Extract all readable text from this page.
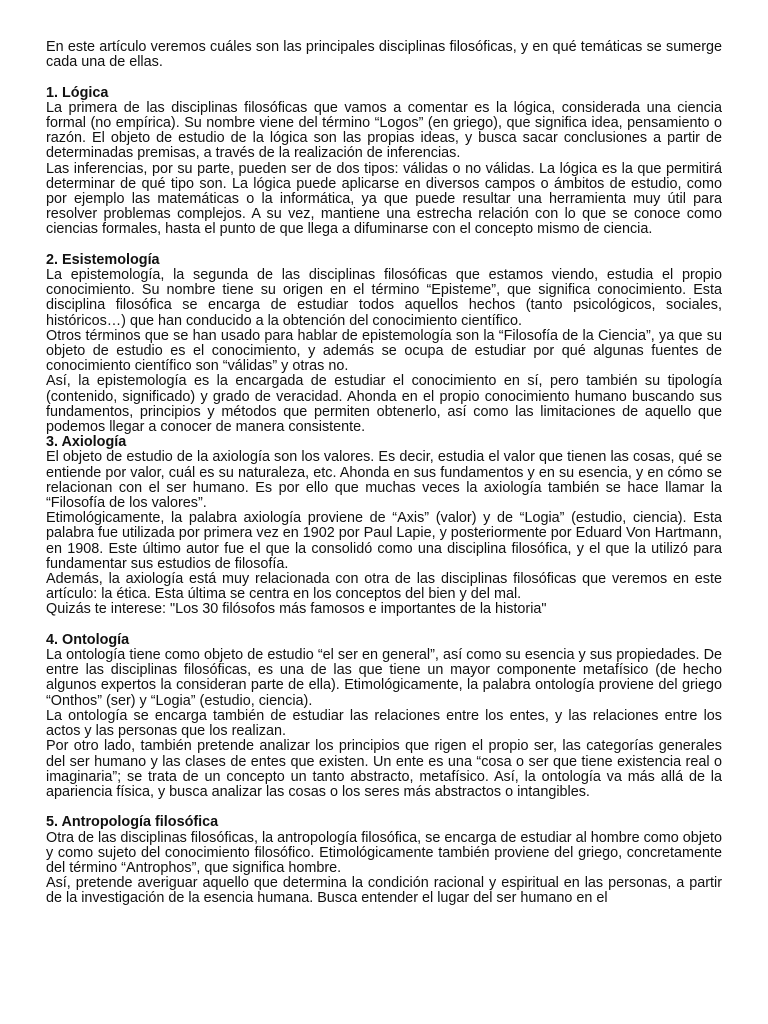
En este artículo veremos cuáles son las principales disciplinas filosóficas, y en qué temáticas se sumerge cada una de ellas.

1. Lógica

La primera de las disciplinas filosóficas que vamos a comentar es la lógica, considerada una ciencia formal (no empírica). Su nombre viene del término “Logos” (en griego), que significa idea, pensamiento o razón. El objeto de estudio de la lógica son las propias ideas, y busca sacar conclusiones a partir de determinadas premisas, a través de la realización de inferencias.

Las inferencias, por su parte, pueden ser de dos tipos: válidas o no válidas. La lógica es la que permitirá determinar de qué tipo son. La lógica puede aplicarse en diversos campos o ámbitos de estudio, como por ejemplo las matemáticas o la informática, ya que puede resultar una herramienta muy útil para resolver problemas complejos. A su vez, mantiene una estrecha relación con lo que se conoce como ciencias formales, hasta el punto de que llega a difuminarse con el concepto mismo de ciencia.

2. Esistemología

La epistemología, la segunda de las disciplinas filosóficas que estamos viendo, estudia el propio conocimiento. Su nombre tiene su origen en el término “Episteme”, que significa conocimiento. Esta disciplina filosófica se encarga de estudiar todos aquellos hechos (tanto psicológicos, sociales, históricos…) que han conducido a la obtención del conocimiento científico.

Otros términos que se han usado para hablar de epistemología son la “Filosofía de la Ciencia”, ya que su objeto de estudio es el conocimiento, y además se ocupa de estudiar por qué algunas fuentes de conocimiento científico son “válidas” y otras no.

Así, la epistemología es la encargada de estudiar el conocimiento en sí, pero también su tipología (contenido, significado) y grado de veracidad. Ahonda en el propio conocimiento humano buscando sus fundamentos, principios y métodos que permiten obtenerlo, así como las limitaciones de aquello que podemos llegar a conocer de manera consistente.

3. Axiología

El objeto de estudio de la axiología son los valores. Es decir, estudia el valor que tienen las cosas, qué se entiende por valor, cuál es su naturaleza, etc. Ahonda en sus fundamentos y en su esencia, y en cómo se relacionan con el ser humano. Es por ello que muchas veces la axiología también se hace llamar la “Filosofía de los valores”.

Etimológicamente, la palabra axiología proviene de “Axis” (valor) y de “Logia” (estudio, ciencia). Esta palabra fue utilizada por primera vez en 1902 por Paul Lapie, y posteriormente por Eduard Von Hartmann, en 1908. Este último autor fue el que la consolidó como una disciplina filosófica, y el que la utilizó para fundamentar sus estudios de filosofía.

Además, la axiología está muy relacionada con otra de las disciplinas filosóficas que veremos en este artículo: la ética. Esta última se centra en los conceptos del bien y del mal.

Quizás te interese: "Los 30 filósofos más famosos e importantes de la historia"

4. Ontología

La ontología tiene como objeto de estudio “el ser en general”, así como su esencia y sus propiedades. De entre las disciplinas filosóficas, es una de las que tiene un mayor componente metafísico (de hecho algunos expertos la consideran parte de ella). Etimológicamente, la palabra ontología proviene del griego “Onthos” (ser) y “Logia” (estudio, ciencia).

La ontología se encarga también de estudiar las relaciones entre los entes, y las relaciones entre los actos y las personas que los realizan.

Por otro lado, también pretende analizar los principios que rigen el propio ser, las categorías generales del ser humano y las clases de entes que existen. Un ente es una “cosa o ser que tiene existencia real o imaginaria”; se trata de un concepto un tanto abstracto, metafísico. Así, la ontología va más allá de la apariencia física, y busca analizar las cosas o los seres más abstractos o intangibles.

5. Antropología filosófica

Otra de las disciplinas filosóficas, la antropología filosófica, se encarga de estudiar al hombre como objeto y como sujeto del conocimiento filosófico. Etimológicamente también proviene del griego, concretamente del término “Antrophos”, que significa hombre.

Así, pretende averiguar aquello que determina la condición racional y espiritual en las personas, a partir de la investigación de la esencia humana. Busca entender el lugar del ser humano en el
